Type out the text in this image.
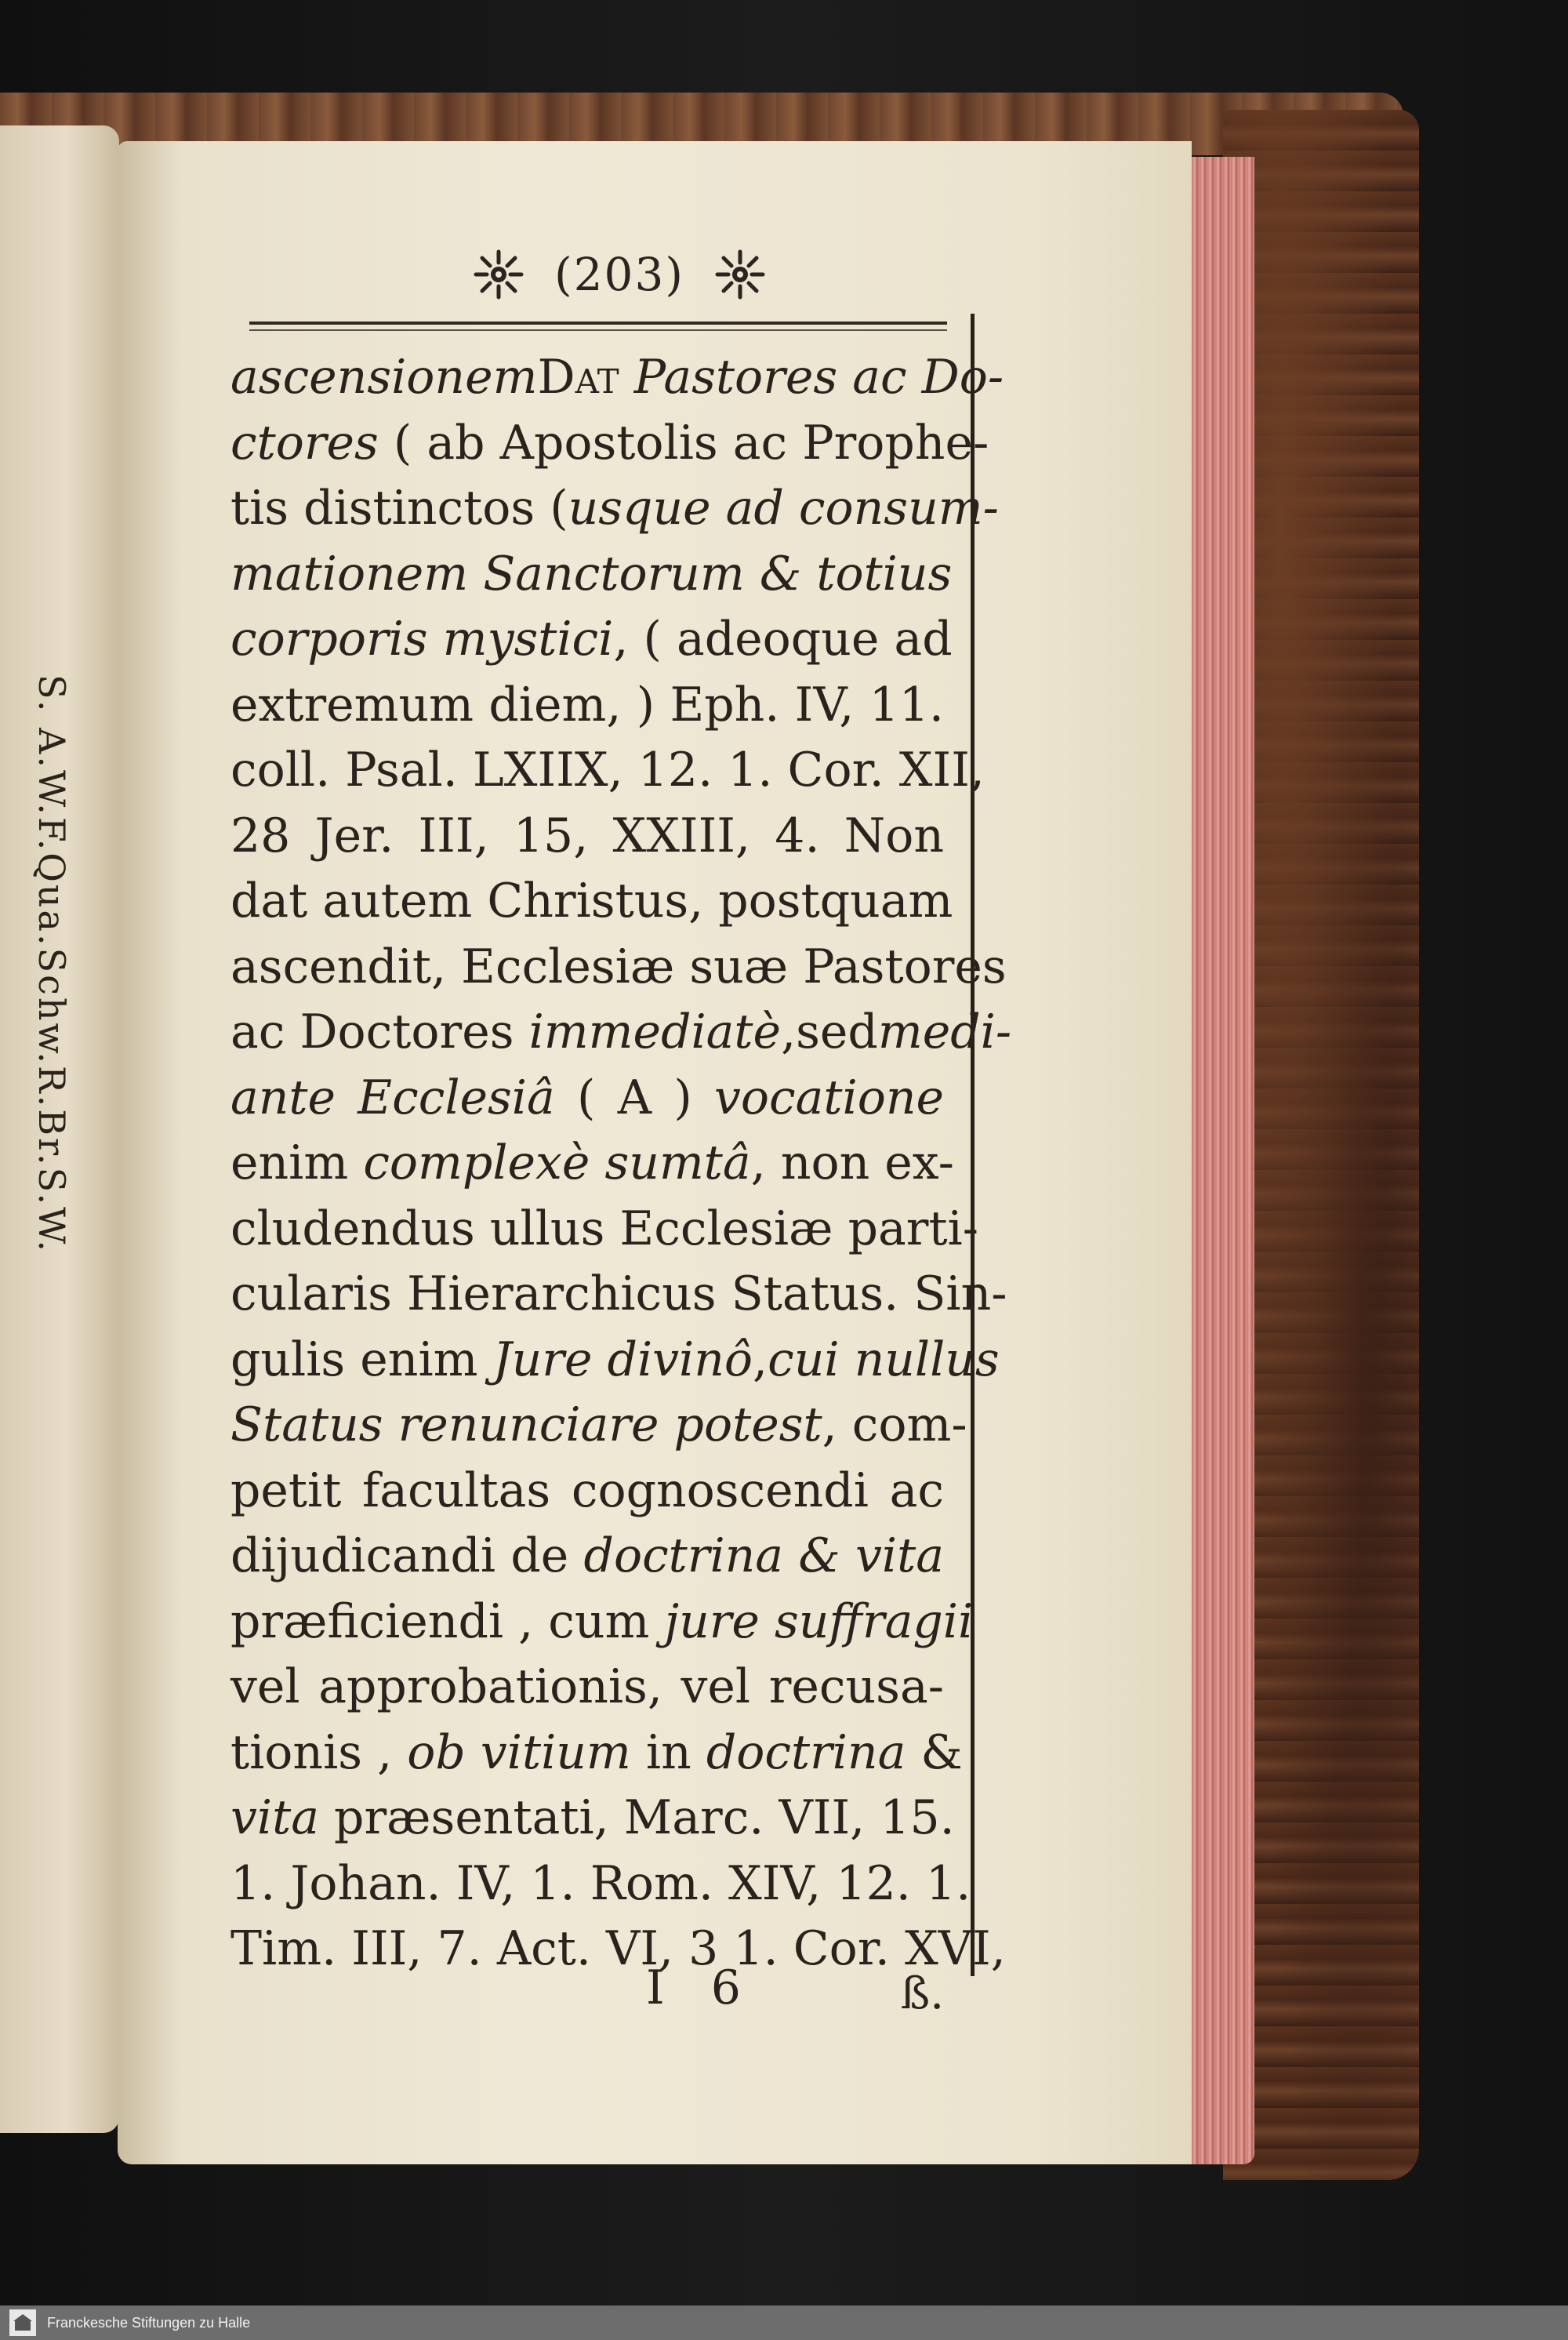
S. A.W.F.Qua.Schw.R.Br.S.W.
(203)
ascensionemDat Pastores ac Do-
ctores ( ab Apostolis ac Prophe-
tis distinctos (usque ad consum-
mationem Sanctorum & totius
corporis mystici, ( adeoque ad
extremum diem, ) Eph. IV, 11.
coll. Psal. LXIIX, 12. 1. Cor. XII,
28 Jer. III, 15, XXIII, 4. Non
dat autem Christus, postquam
ascendit, Ecclesiæ suæ Pastores
ac Doctores immediatè,sedmedi-
ante Ecclesiâ ( A ) vocatione
enim complexè sumtâ, non ex-
cludendus ullus Ecclesiæ parti-
cularis Hierarchicus Status. Sin-
gulis enim Jure divinô,cui nullus
Status renunciare potest, com-
petit facultas cognoscendi ac
dijudicandi de doctrina & vita
præficiendi , cum jure suffragii
vel approbationis, vel recusa-
tionis , ob vitium in doctrina &
vita præsentati, Marc. VII, 15.
1. Johan. IV, 1. Rom. XIV, 12. 1.
Tim. III, 7. Act. VI, 3 1. Cor. XVI,
I 6	ß.
Franckesche Stiftungen zu Halle
